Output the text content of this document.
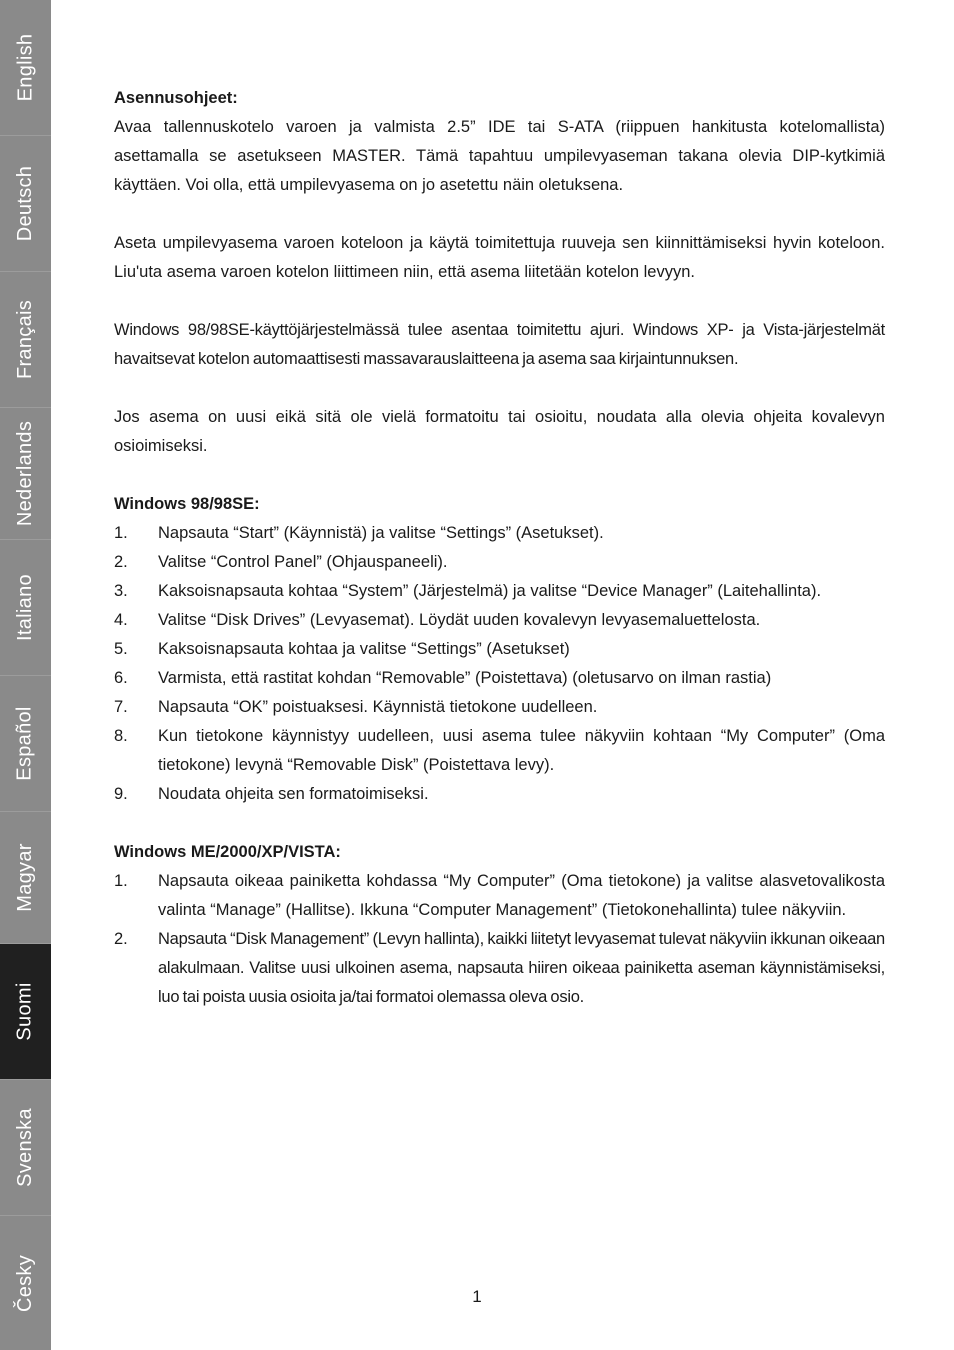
English
Deutsch
Français
Nederlands
Italiano
Español
Magyar
Suomi
Svenska
Česky

Asennusohjeet:

Avaa tallennuskotelo varoen ja valmista 2.5” IDE tai S-ATA (riippuen hankitusta kotelomallista) asettamalla se asetukseen MASTER. Tämä tapahtuu umpilevyaseman takana olevia DIP-kytkimiä käyttäen. Voi olla, että umpilevyasema on jo asetettu näin oletuksena.

Aseta umpilevyasema varoen koteloon ja käytä toimitettuja ruuveja sen kiinnittämiseksi hyvin koteloon. Liu'uta asema varoen kotelon liittimeen niin, että asema liitetään kotelon levyyn.

Windows 98/98SE-käyttöjärjestelmässä tulee asentaa toimitettu ajuri. Windows XP- ja Vista-järjestelmät havaitsevat kotelon automaattisesti massavarauslaitteena ja asema saa kirjaintunnuksen.

Jos asema on uusi eikä sitä ole vielä formatoitu tai osioitu, noudata alla olevia ohjeita kovalevyn osioimiseksi.

Windows 98/98SE:

1.	Napsauta “Start” (Käynnistä) ja valitse “Settings” (Asetukset).
2.	Valitse “Control Panel” (Ohjauspaneeli).
3.	Kaksoisnapsauta kohtaa “System” (Järjestelmä) ja valitse “Device Manager” (Laitehallinta).
4.	Valitse “Disk Drives” (Levyasemat). Löydät uuden kovalevyn levyasemaluettelosta.
5.	Kaksoisnapsauta kohtaa ja valitse “Settings” (Asetukset)
6.	Varmista, että rastitat kohdan “Removable” (Poistettava) (oletusarvo on ilman rastia)
7.	Napsauta “OK” poistuaksesi. Käynnistä tietokone uudelleen.
8.	Kun tietokone käynnistyy uudelleen, uusi asema tulee näkyviin kohtaan “My Computer” (Oma tietokone) levynä “Removable Disk” (Poistettava levy).
9.	Noudata ohjeita sen formatoimiseksi.

Windows ME/2000/XP/VISTA:

1.	Napsauta oikeaa painiketta kohdassa “My Computer” (Oma tietokone) ja valitse alasvetovalikosta valinta “Manage” (Hallitse). Ikkuna “Computer Management” (Tietokonehallinta) tulee näkyviin.
2.	Napsauta “Disk Management” (Levyn hallinta), kaikki liitetyt levyasemat tulevat näkyviin ikkunan oikeaan alakulmaan. Valitse uusi ulkoinen asema, napsauta hiiren oikeaa painiketta aseman käynnistämiseksi, luo tai poista uusia osioita ja/tai formatoi olemassa oleva osio.
1
